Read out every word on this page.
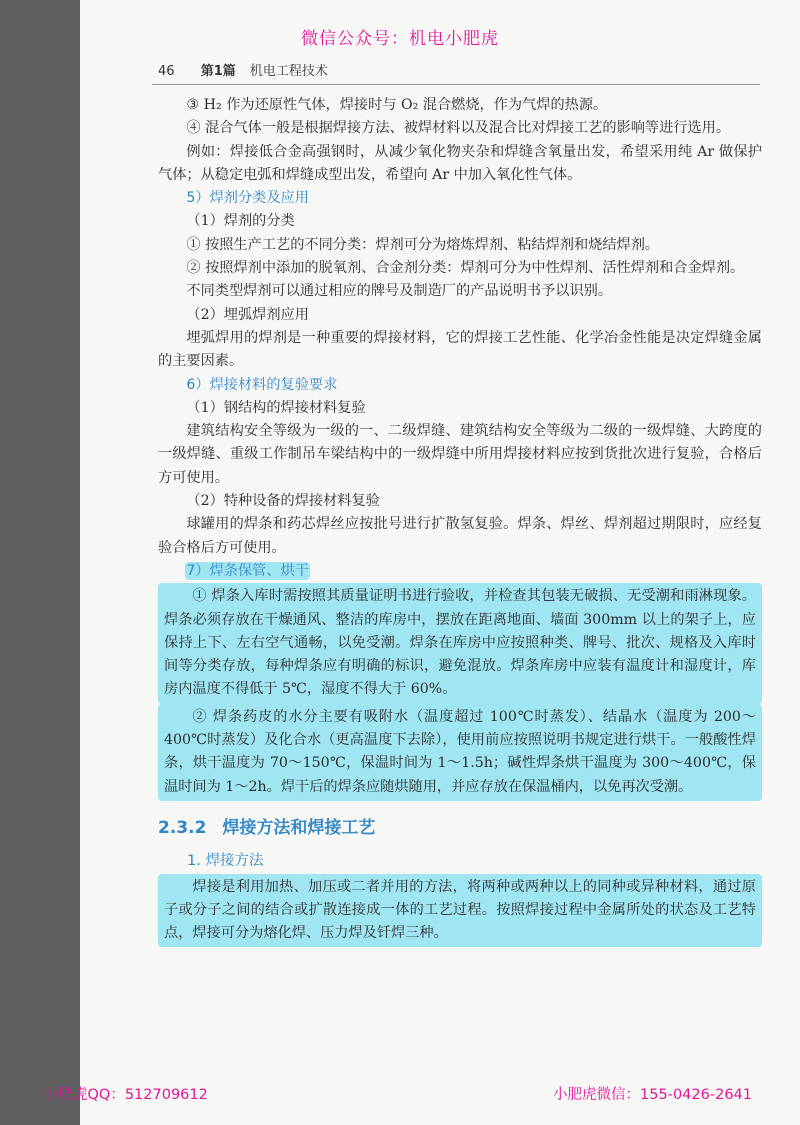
微信公众号：机电小肥虎
46 第1篇 机电工程技术

③ H₂ 作为还原性气体，焊接时与 O₂ 混合燃烧，作为气焊的热源。

④ 混合气体一般是根据焊接方法、被焊材料以及混合比对焊接工艺的影响等进行选用。

例如：焊接低合金高强钢时，从减少氧化物夹杂和焊缝含氧量出发，希望采用纯 Ar 做保护气体；从稳定电弧和焊缝成型出发，希望向 Ar 中加入氧化性气体。

5）焊剂分类及应用

（1）焊剂的分类

① 按照生产工艺的不同分类：焊剂可分为熔炼焊剂、粘结焊剂和烧结焊剂。

② 按照焊剂中添加的脱氧剂、合金剂分类：焊剂可分为中性焊剂、活性焊剂和合金焊剂。

不同类型焊剂可以通过相应的牌号及制造厂的产品说明书予以识别。

（2）埋弧焊剂应用

埋弧焊用的焊剂是一种重要的焊接材料，它的焊接工艺性能、化学冶金性能是决定焊缝金属的主要因素。

6）焊接材料的复验要求

（1）钢结构的焊接材料复验

建筑结构安全等级为一级的一、二级焊缝、建筑结构安全等级为二级的一级焊缝、大跨度的一级焊缝、重级工作制吊车梁结构中的一级焊缝中所用焊接材料应按到货批次进行复验，合格后方可使用。

（2）特种设备的焊接材料复验

球罐用的焊条和药芯焊丝应按批号进行扩散氢复验。焊条、焊丝、焊剂超过期限时，应经复验合格后方可使用。

7）焊条保管、烘干

① 焊条入库时需按照其质量证明书进行验收，并检查其包装无破损、无受潮和雨淋现象。焊条必须存放在干燥通风、整洁的库房中，摆放在距离地面、墙面 300mm 以上的架子上，应保持上下、左右空气通畅，以免受潮。焊条在库房中应按照种类、牌号、批次、规格及入库时间等分类存放，每种焊条应有明确的标识，避免混放。焊条库房中应装有温度计和湿度计，库房内温度不得低于 5℃，湿度不得大于 60%。

② 焊条药皮的水分主要有吸附水（温度超过 100℃时蒸发）、结晶水（温度为 200～400℃时蒸发）及化合水（更高温度下去除），使用前应按照说明书规定进行烘干。一般酸性焊条，烘干温度为 70～150℃，保温时间为 1～1.5h；碱性焊条烘干温度为 300～400℃，保温时间为 1～2h。焊干后的焊条应随烘随用，并应存放在保温桶内，以免再次受潮。

2.3.2 焊接方法和焊接工艺

1. 焊接方法

焊接是利用加热、加压或二者并用的方法，将两种或两种以上的同种或异种材料，通过原子或分子之间的结合或扩散连接成一体的工艺过程。按照焊接过程中金属所处的状态及工艺特点，焊接可分为熔化焊、压力焊及钎焊三种。

小肥虎QQ：512709612	小肥虎微信：155-0426-2641
